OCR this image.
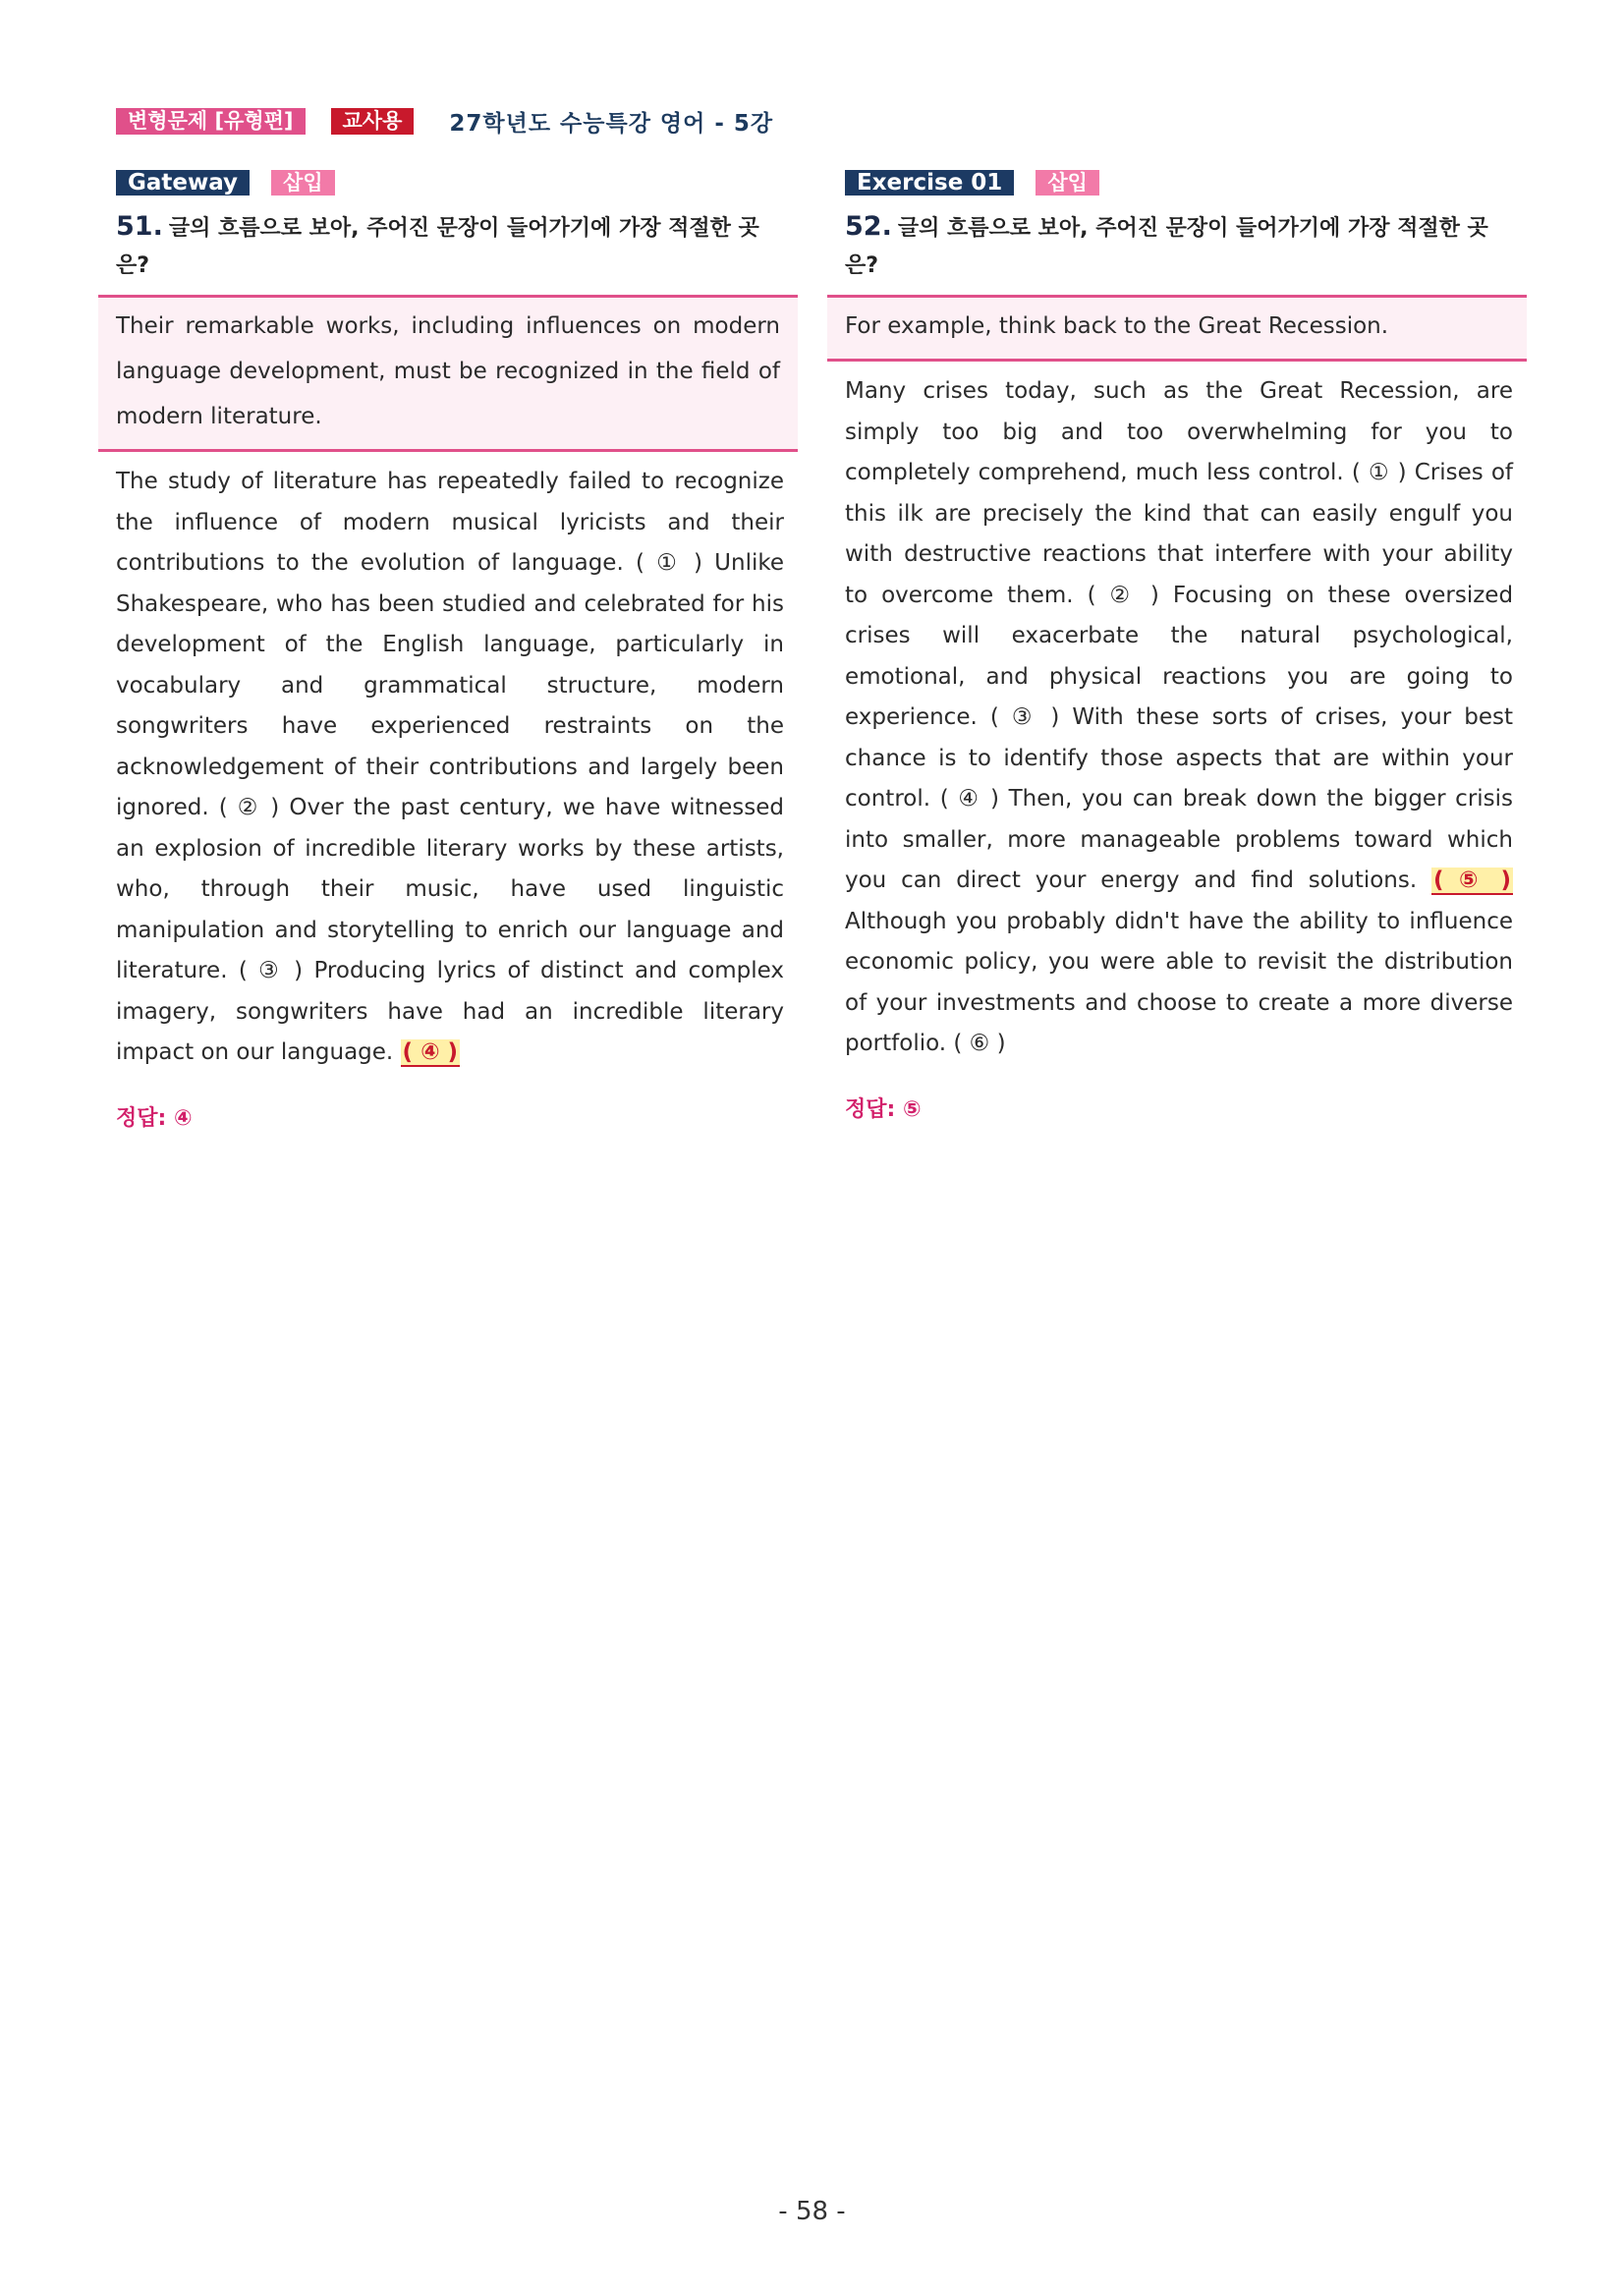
변형문제 [유형편]	교사용	27학년도 수능특강 영어 - 5강
Gateway	삽입
51. 글의 흐름으로 보아, 주어진 문장이 들어가기에 가장 적절한 곳은?

Their remarkable works, including influences on modern language development, must be recognized in the field of modern literature.

The study of literature has repeatedly failed to recognize the influence of modern musical lyricists and their contributions to the evolution of language. ( ① ) Unlike Shakespeare, who has been studied and celebrated for his development of the English language, particularly in vocabulary and grammatical structure, modern songwriters have experienced restraints on the acknowledgement of their contributions and largely been ignored. ( ② ) Over the past century, we have witnessed an explosion of incredible literary works by these artists, who, through their music, have used linguistic manipulation and storytelling to enrich our language and literature. ( ③ ) Producing lyrics of distinct and complex imagery, songwriters have had an incredible literary impact on our language. ( ④ )

정답: ④
Exercise 01	삽입
52. 글의 흐름으로 보아, 주어진 문장이 들어가기에 가장 적절한 곳은?

For example, think back to the Great Recession.

Many crises today, such as the Great Recession, are simply too big and too overwhelming for you to completely comprehend, much less control. ( ① ) Crises of this ilk are precisely the kind that can easily engulf you with destructive reactions that interfere with your ability to overcome them. ( ② ) Focusing on these oversized crises will exacerbate the natural psychological, emotional, and physical reactions you are going to experience. ( ③ ) With these sorts of crises, your best chance is to identify those aspects that are within your control. ( ④ ) Then, you can break down the bigger crisis into smaller, more manageable problems toward which you can direct your energy and find solutions. ( ⑤ ) Although you probably didn't have the ability to influence economic policy, you were able to revisit the distribution of your investments and choose to create a more diverse portfolio. ( ⑥ )

정답: ⑤
- 58 -
